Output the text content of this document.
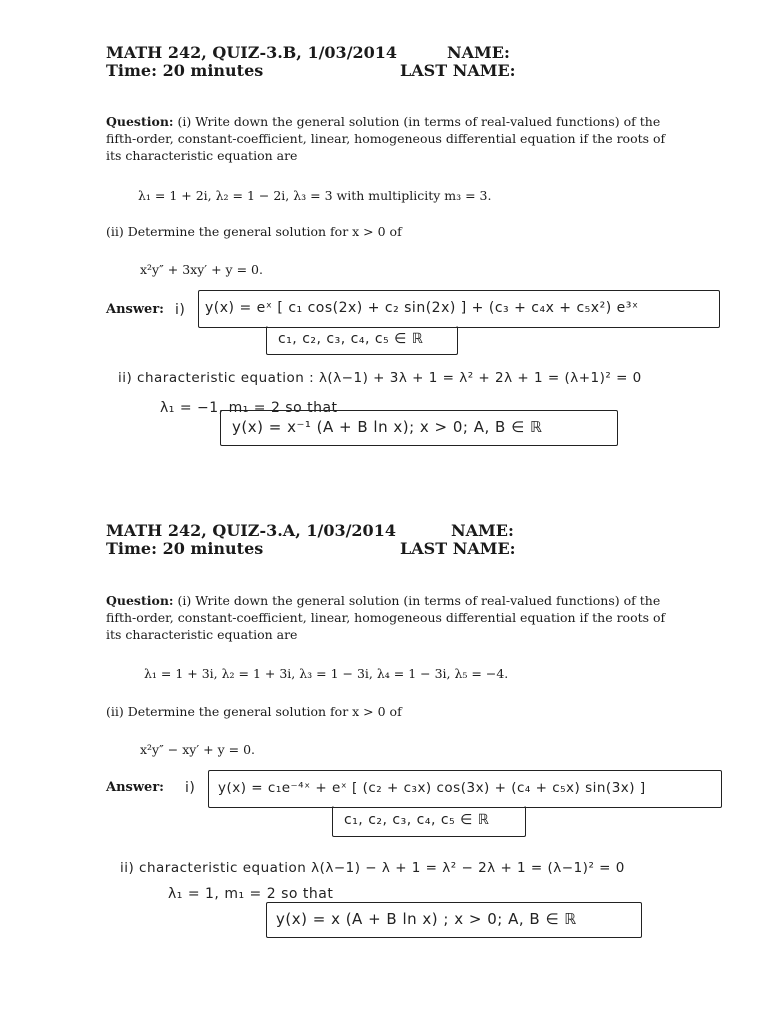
MATH 242, QUIZ-3.B, 1/03/2014	NAME:
Time: 20 minutes	LAST NAME:
Question: (i) Write down the general solution (in terms of real-valued functions) of the fifth-order, constant-coefficient, linear, homogeneous differential equation if the roots of its characteristic equation are
λ₁ = 1 + 2i, λ₂ = 1 − 2i, λ₃ = 3 with multiplicity m₃ = 3.
(ii) Determine the general solution for x > 0 of
x²y″ + 3xy′ + y = 0.
Answer: i) y(x) = eˣ [ c₁ cos(2x) + c₂ sin(2x) ] + (c₃ + c₄x + c₅x²) e³ˣ
c₁, c₂, c₃, c₄, c₅ ∈ ℝ
ii) characteristic equation : λ(λ−1) + 3λ + 1 = λ² + 2λ + 1 = (λ+1)² = 0
λ₁ = −1, m₁ = 2 so that
y(x) = x⁻¹ (A + B ln x); x > 0; A, B ∈ ℝ
MATH 242, QUIZ-3.A, 1/03/2014	NAME:
Time: 20 minutes	LAST NAME:
Question: (i) Write down the general solution (in terms of real-valued functions) of the fifth-order, constant-coefficient, linear, homogeneous differential equation if the roots of its characteristic equation are
λ₁ = 1 + 3i, λ₂ = 1 + 3i, λ₃ = 1 − 3i, λ₄ = 1 − 3i, λ₅ = −4.
(ii) Determine the general solution for x > 0 of
x²y″ − xy′ + y = 0.
Answer: i) y(x) = c₁e⁻⁴ˣ + eˣ [ (c₂ + c₃x) cos(3x) + (c₄ + c₅x) sin(3x) ]
c₁, c₂, c₃, c₄, c₅ ∈ ℝ
ii) characteristic equation λ(λ−1) − λ + 1 = λ² − 2λ + 1 = (λ−1)² = 0
λ₁ = 1, m₁ = 2 so that
y(x) = x (A + B ln x) ; x > 0; A, B ∈ ℝ
